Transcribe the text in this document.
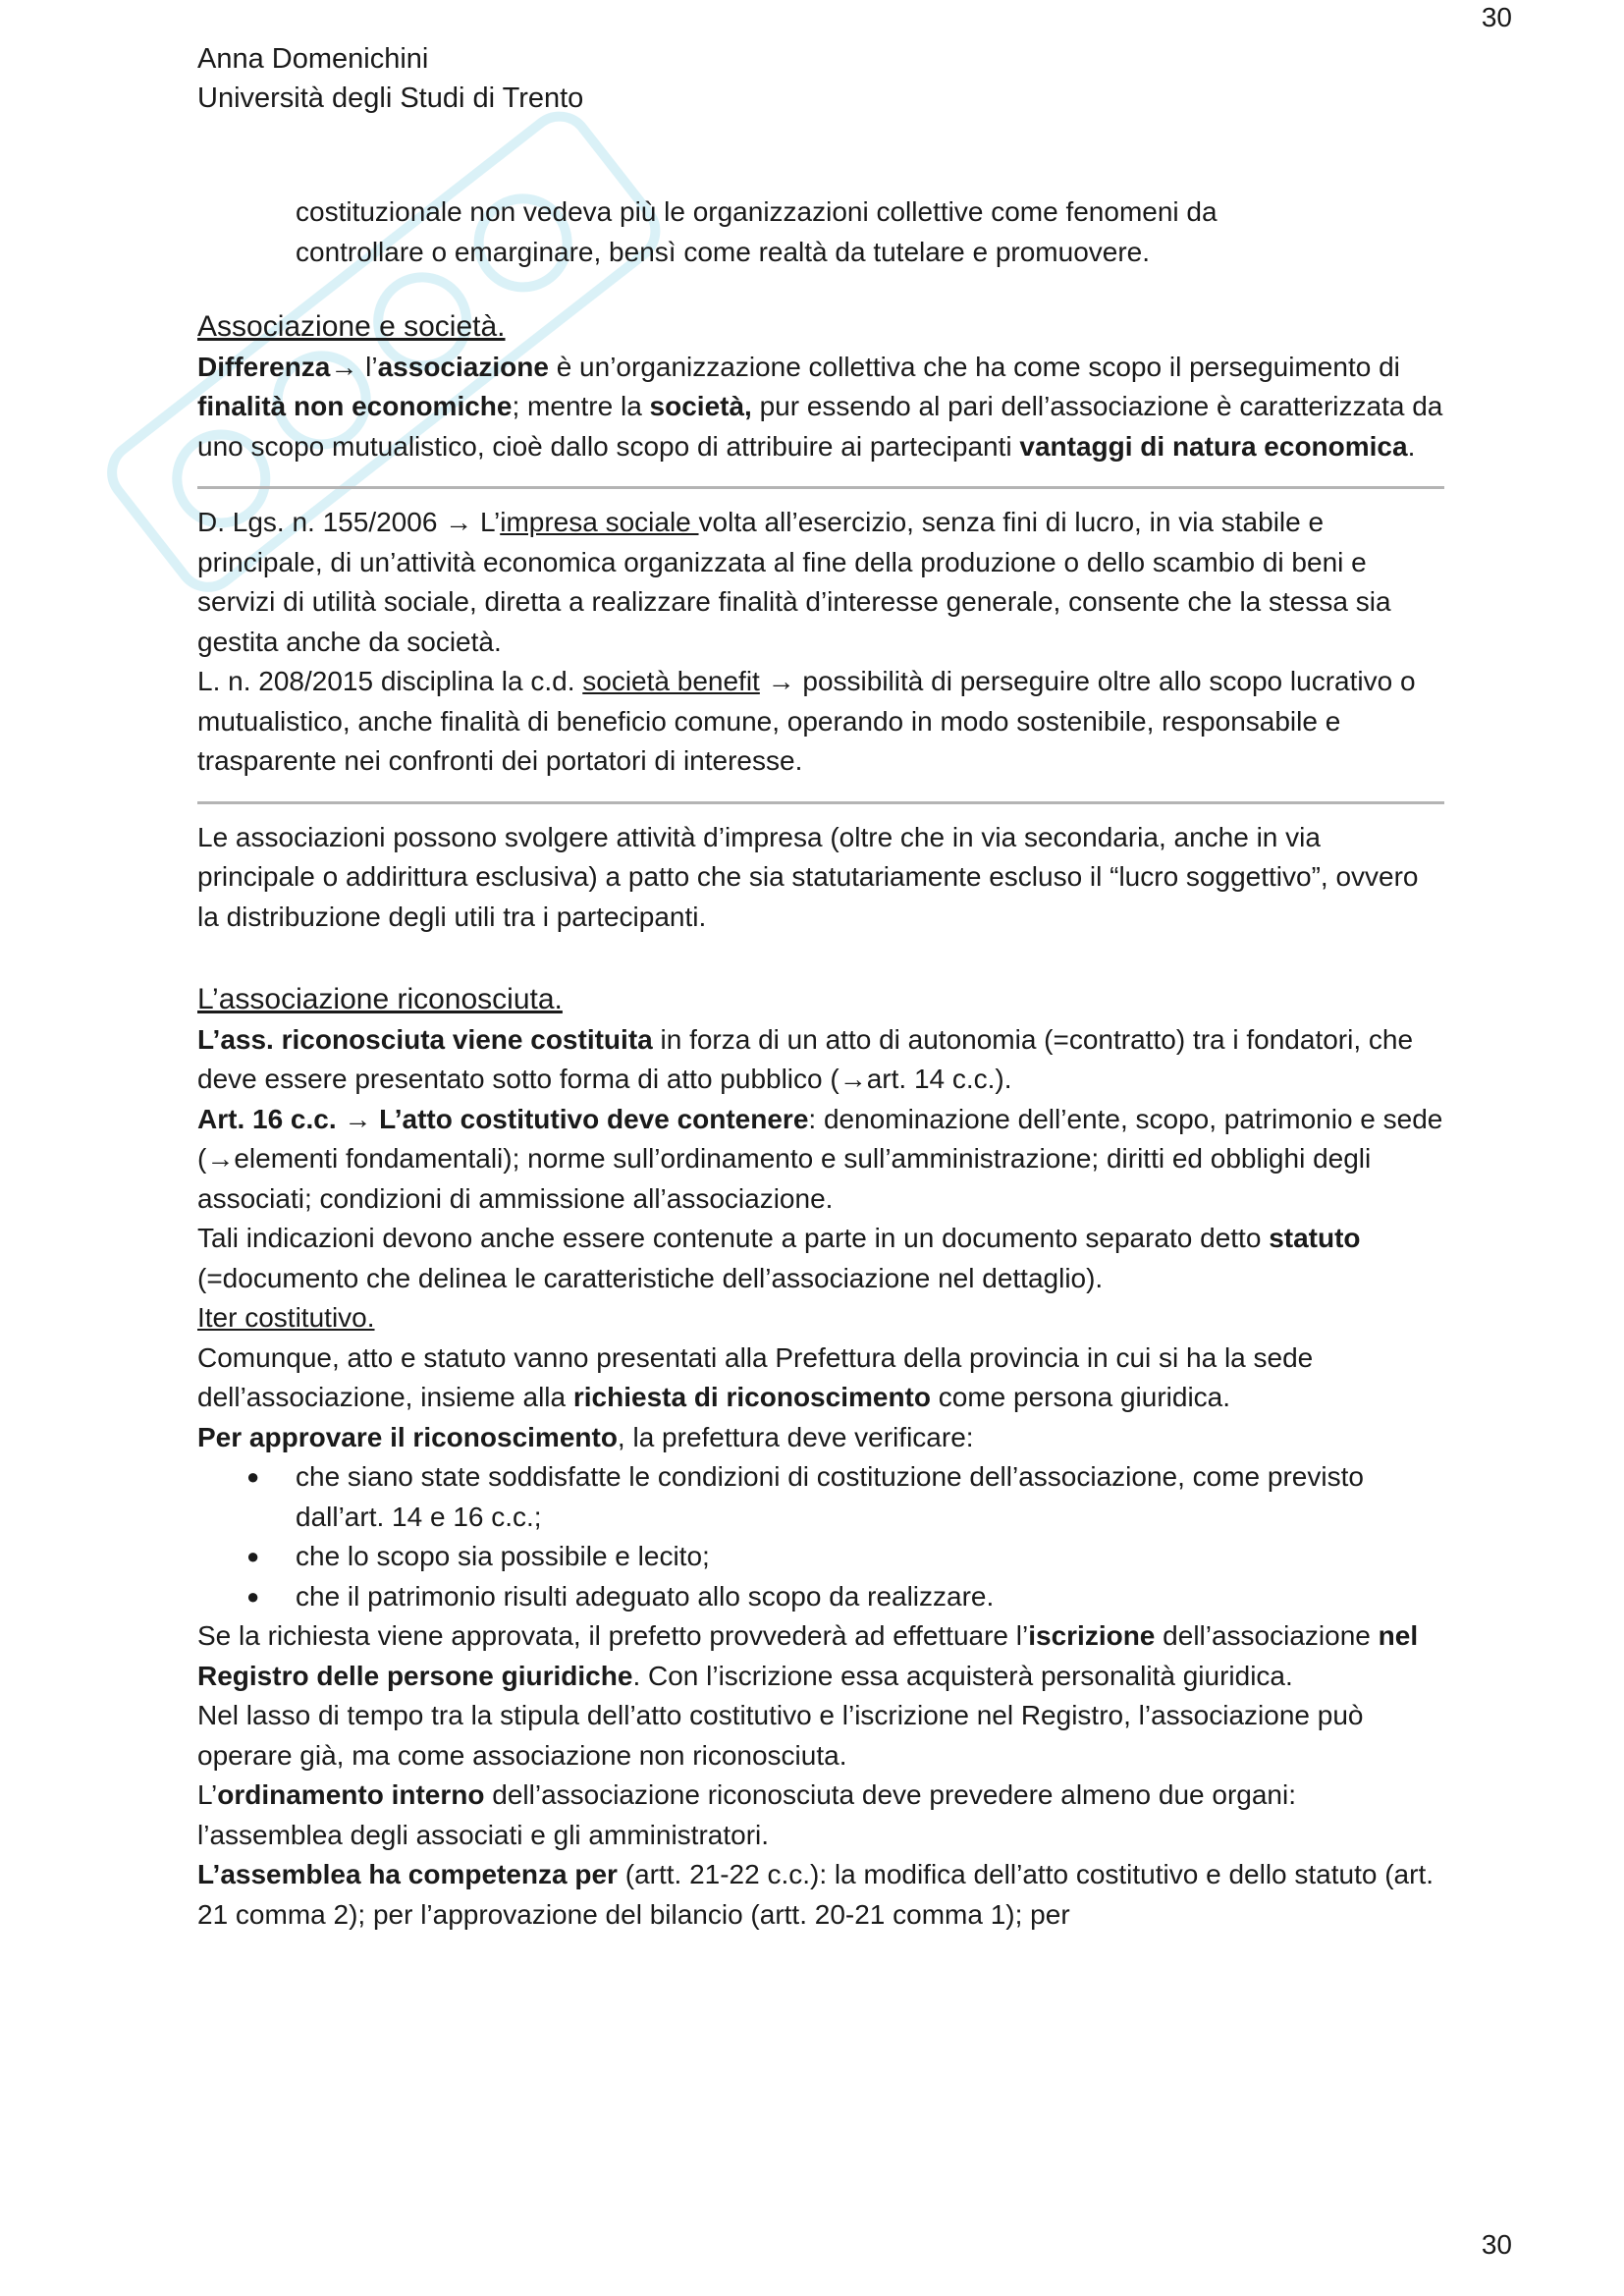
30
Anna Domenichini
Università degli Studi di Trento

costituzionale non vedeva più le organizzazioni collettive come fenomeni da

controllare o emarginare, bensì come realtà da tutelare e promuovere.

Associazione e società.

Differenza→ l’associazione è un’organizzazione collettiva che ha come scopo il perseguimento di finalità non economiche; mentre la società, pur essendo al pari dell’associazione è caratterizzata da uno scopo mutualistico, cioè dallo scopo di attribuire ai partecipanti vantaggi di natura economica.

D. Lgs. n. 155/2006 → L’impresa sociale volta all’esercizio, senza fini di lucro, in via stabile e principale, di un’attività economica organizzata al fine della produzione o dello scambio di beni e servizi di utilità sociale, diretta a realizzare finalità d’interesse generale, consente che la stessa sia gestita anche da società.

L. n. 208/2015 disciplina la c.d. società benefit → possibilità di perseguire oltre allo scopo lucrativo o mutualistico, anche finalità di beneficio comune, operando in modo sostenibile, responsabile e trasparente nei confronti dei portatori di interesse.

Le associazioni possono svolgere attività d’impresa (oltre che in via secondaria, anche in via principale o addirittura esclusiva) a patto che sia statutariamente escluso il “lucro soggettivo”, ovvero la distribuzione degli utili tra i partecipanti.

L’associazione riconosciuta.

L’ass. riconosciuta viene costituita in forza di un atto di autonomia (=contratto) tra i fondatori, che deve essere presentato sotto forma di atto pubblico (→art. 14 c.c.).

Art. 16 c.c. → L’atto costitutivo deve contenere: denominazione dell’ente, scopo, patrimonio e sede (→elementi fondamentali); norme sull’ordinamento e sull’amministrazione; diritti ed obblighi degli associati; condizioni di ammissione all’associazione.

Tali indicazioni devono anche essere contenute a parte in un documento separato detto statuto (=documento che delinea le caratteristiche dell’associazione nel dettaglio).

Iter costitutivo.

Comunque, atto e statuto vanno presentati alla Prefettura della provincia in cui si ha la sede dell’associazione, insieme alla richiesta di riconoscimento come persona giuridica.

Per approvare il riconoscimento, la prefettura deve verificare:

● che siano state soddisfatte le condizioni di costituzione dell’associazione, come previsto dall’art. 14 e 16 c.c.;
● che lo scopo sia possibile e lecito;
● che il patrimonio risulti adeguato allo scopo da realizzare.

Se la richiesta viene approvata, il prefetto provvederà ad effettuare l’iscrizione dell’associazione nel Registro delle persone giuridiche. Con l’iscrizione essa acquisterà personalità giuridica.

Nel lasso di tempo tra la stipula dell’atto costitutivo e l’iscrizione nel Registro, l’associazione può operare già, ma come associazione non riconosciuta.

L’ordinamento interno dell’associazione riconosciuta deve prevedere almeno due organi: l’assemblea degli associati e gli amministratori.

L’assemblea ha competenza per (artt. 21-22 c.c.): la modifica dell’atto costitutivo e dello statuto (art. 21 comma 2); per l’approvazione del bilancio (artt. 20-21 comma 1); per

30
